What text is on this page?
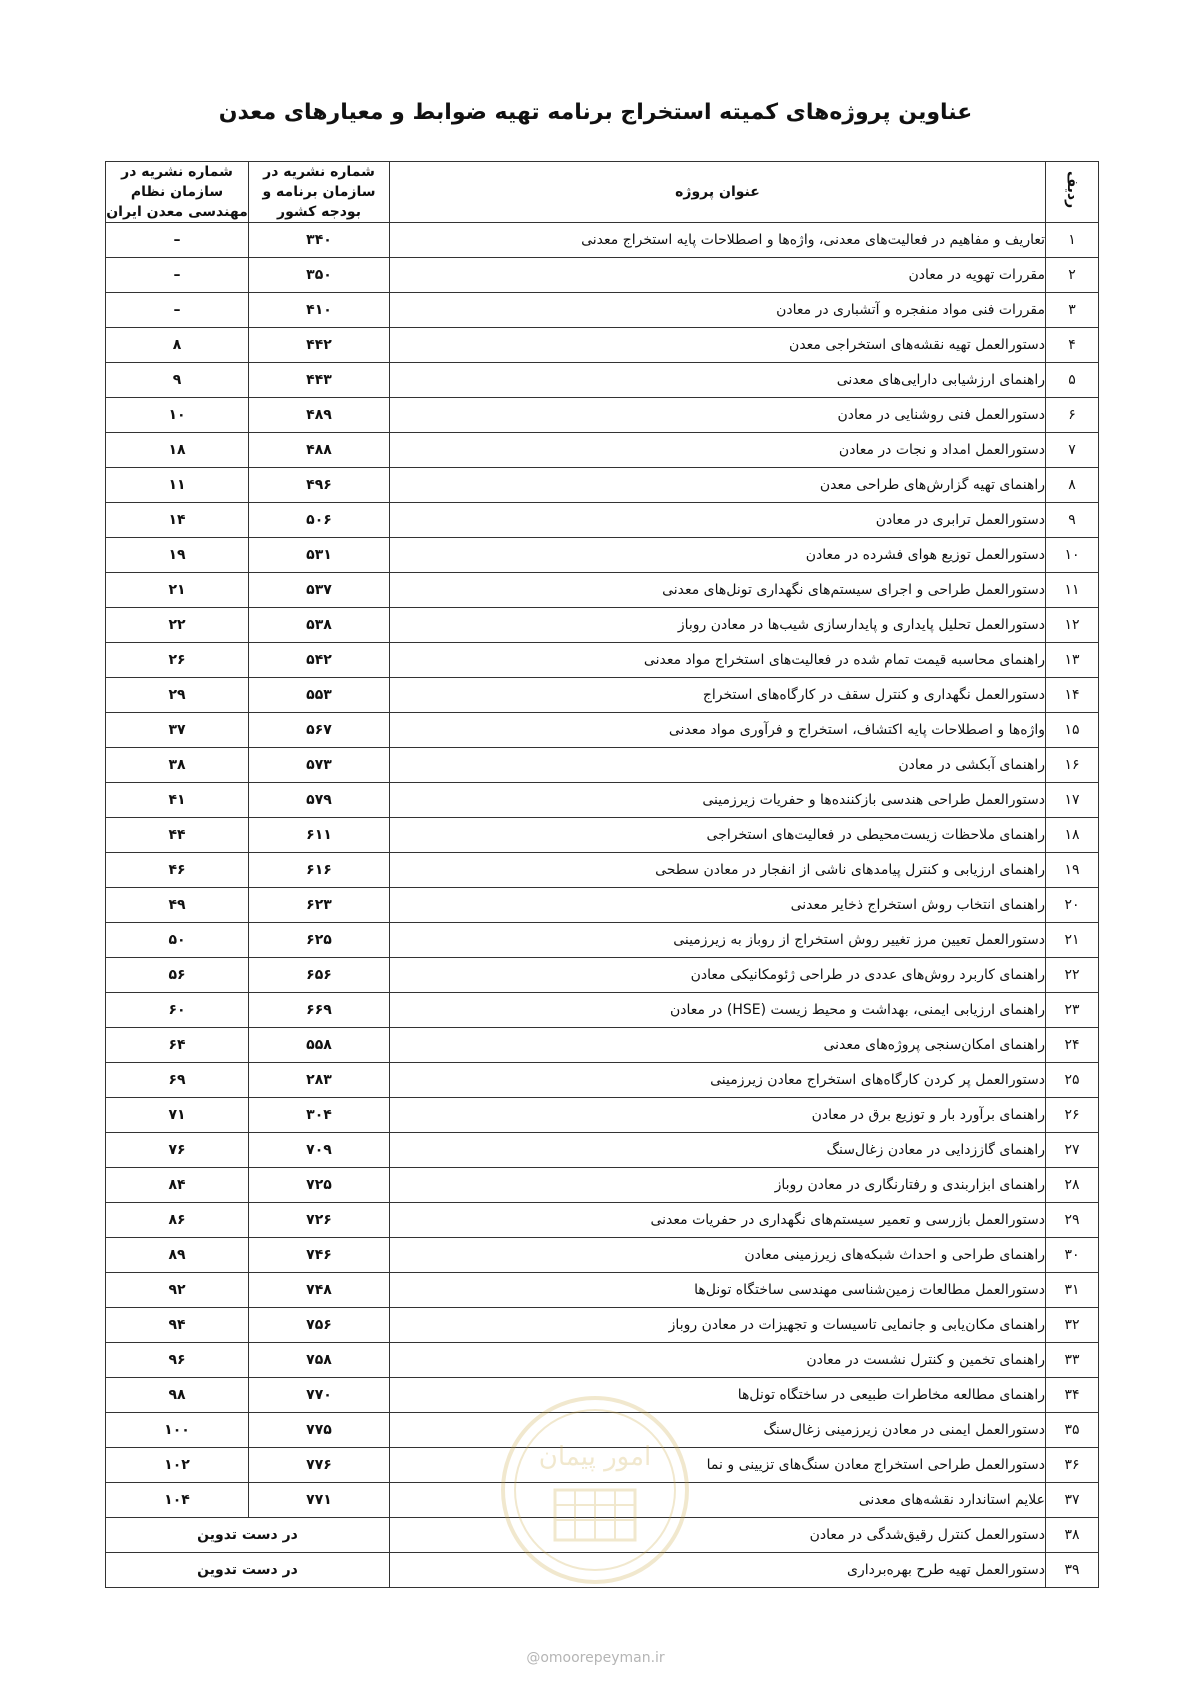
عناوین پروژه‌های کمیته استخراج برنامه تهیه ضوابط و معیارهای معدن
ردیف	عنوان پروژه	شماره نشریه در سازمان برنامه و بودجه کشور	شماره نشریه در سازمان نظام مهندسی معدن ایران
۱	تعاریف و مفاهیم در فعالیت‌های معدنی، واژه‌ها و اصطلاحات پایه استخراج معدنی	۳۴۰	–
۲	مقررات تهویه در معادن	۳۵۰	–
۳	مقررات فنی مواد منفجره و آتشباری در معادن	۴۱۰	–
۴	دستورالعمل تهیه نقشه‌های استخراجی معدن	۴۴۲	۸
۵	راهنمای ارزشیابی دارایی‌های معدنی	۴۴۳	۹
۶	دستورالعمل فنی روشنایی در معادن	۴۸۹	۱۰
۷	دستورالعمل امداد و نجات در معادن	۴۸۸	۱۸
۸	راهنمای تهیه گزارش‌های طراحی معدن	۴۹۶	۱۱
۹	دستورالعمل ترابری در معادن	۵۰۶	۱۴
۱۰	دستورالعمل توزیع هوای فشرده در معادن	۵۳۱	۱۹
۱۱	دستورالعمل طراحی و اجرای سیستم‌های نگهداری تونل‌های معدنی	۵۳۷	۲۱
۱۲	دستورالعمل تحلیل پایداری و پایدارسازی شیب‌ها در معادن روباز	۵۳۸	۲۲
۱۳	راهنمای محاسبه قیمت تمام شده در فعالیت‌های استخراج مواد معدنی	۵۴۲	۲۶
۱۴	دستورالعمل نگهداری و کنترل سقف در کارگاه‌های استخراج	۵۵۳	۲۹
۱۵	واژه‌ها و اصطلاحات پایه اکتشاف، استخراج و فرآوری مواد معدنی	۵۶۷	۳۷
۱۶	راهنمای آبکشی در معادن	۵۷۳	۳۸
۱۷	دستورالعمل طراحی هندسی بازکننده‌ها و حفریات زیرزمینی	۵۷۹	۴۱
۱۸	راهنمای ملاحظات زیست‌محیطی در فعالیت‌های استخراجی	۶۱۱	۴۴
۱۹	راهنمای ارزیابی و کنترل پیامدهای ناشی از انفجار در معادن سطحی	۶۱۶	۴۶
۲۰	راهنمای انتخاب روش استخراج ذخایر معدنی	۶۲۳	۴۹
۲۱	دستورالعمل تعیین مرز تغییر روش استخراج از روباز به زیرزمینی	۶۲۵	۵۰
۲۲	راهنمای کاربرد روش‌های عددی در طراحی ژئومکانیکی معادن	۶۵۶	۵۶
۲۳	راهنمای ارزیابی ایمنی، بهداشت و محیط زیست (HSE) در معادن	۶۶۹	۶۰
۲۴	راهنمای امکان‌سنجی پروژه‌های معدنی	۵۵۸	۶۴
۲۵	دستورالعمل پر کردن کارگاه‌های استخراج معادن زیرزمینی	۲۸۳	۶۹
۲۶	راهنمای برآورد بار و توزیع برق در معادن	۳۰۴	۷۱
۲۷	راهنمای گاززدایی در معادن زغال‌سنگ	۷۰۹	۷۶
۲۸	راهنمای ابزاربندی و رفتارنگاری در معادن روباز	۷۲۵	۸۴
۲۹	دستورالعمل بازرسی و تعمیر سیستم‌های نگهداری در حفریات معدنی	۷۲۶	۸۶
۳۰	راهنمای طراحی و احداث شبکه‌های زیرزمینی معادن	۷۴۶	۸۹
۳۱	دستورالعمل مطالعات زمین‌شناسی مهندسی ساختگاه تونل‌ها	۷۴۸	۹۲
۳۲	راهنمای مکان‌یابی و جانمایی تاسیسات و تجهیزات در معادن روباز	۷۵۶	۹۴
۳۳	راهنمای تخمین و کنترل نشست در معادن	۷۵۸	۹۶
۳۴	راهنمای مطالعه مخاطرات طبیعی در ساختگاه تونل‌ها	۷۷۰	۹۸
۳۵	دستورالعمل ایمنی در معادن زیرزمینی زغال‌سنگ	۷۷۵	۱۰۰
۳۶	دستورالعمل طراحی استخراج معادن سنگ‌های تزیینی و نما	۷۷۶	۱۰۲
۳۷	علایم استاندارد نقشه‌های معدنی	۷۷۱	۱۰۴
۳۸	دستورالعمل کنترل رقیق‌شدگی در معادن	در دست تدوین	
۳۹	دستورالعمل تهیه طرح بهره‌برداری	در دست تدوین	
امور پیمان
@omoorepeyman.ir
